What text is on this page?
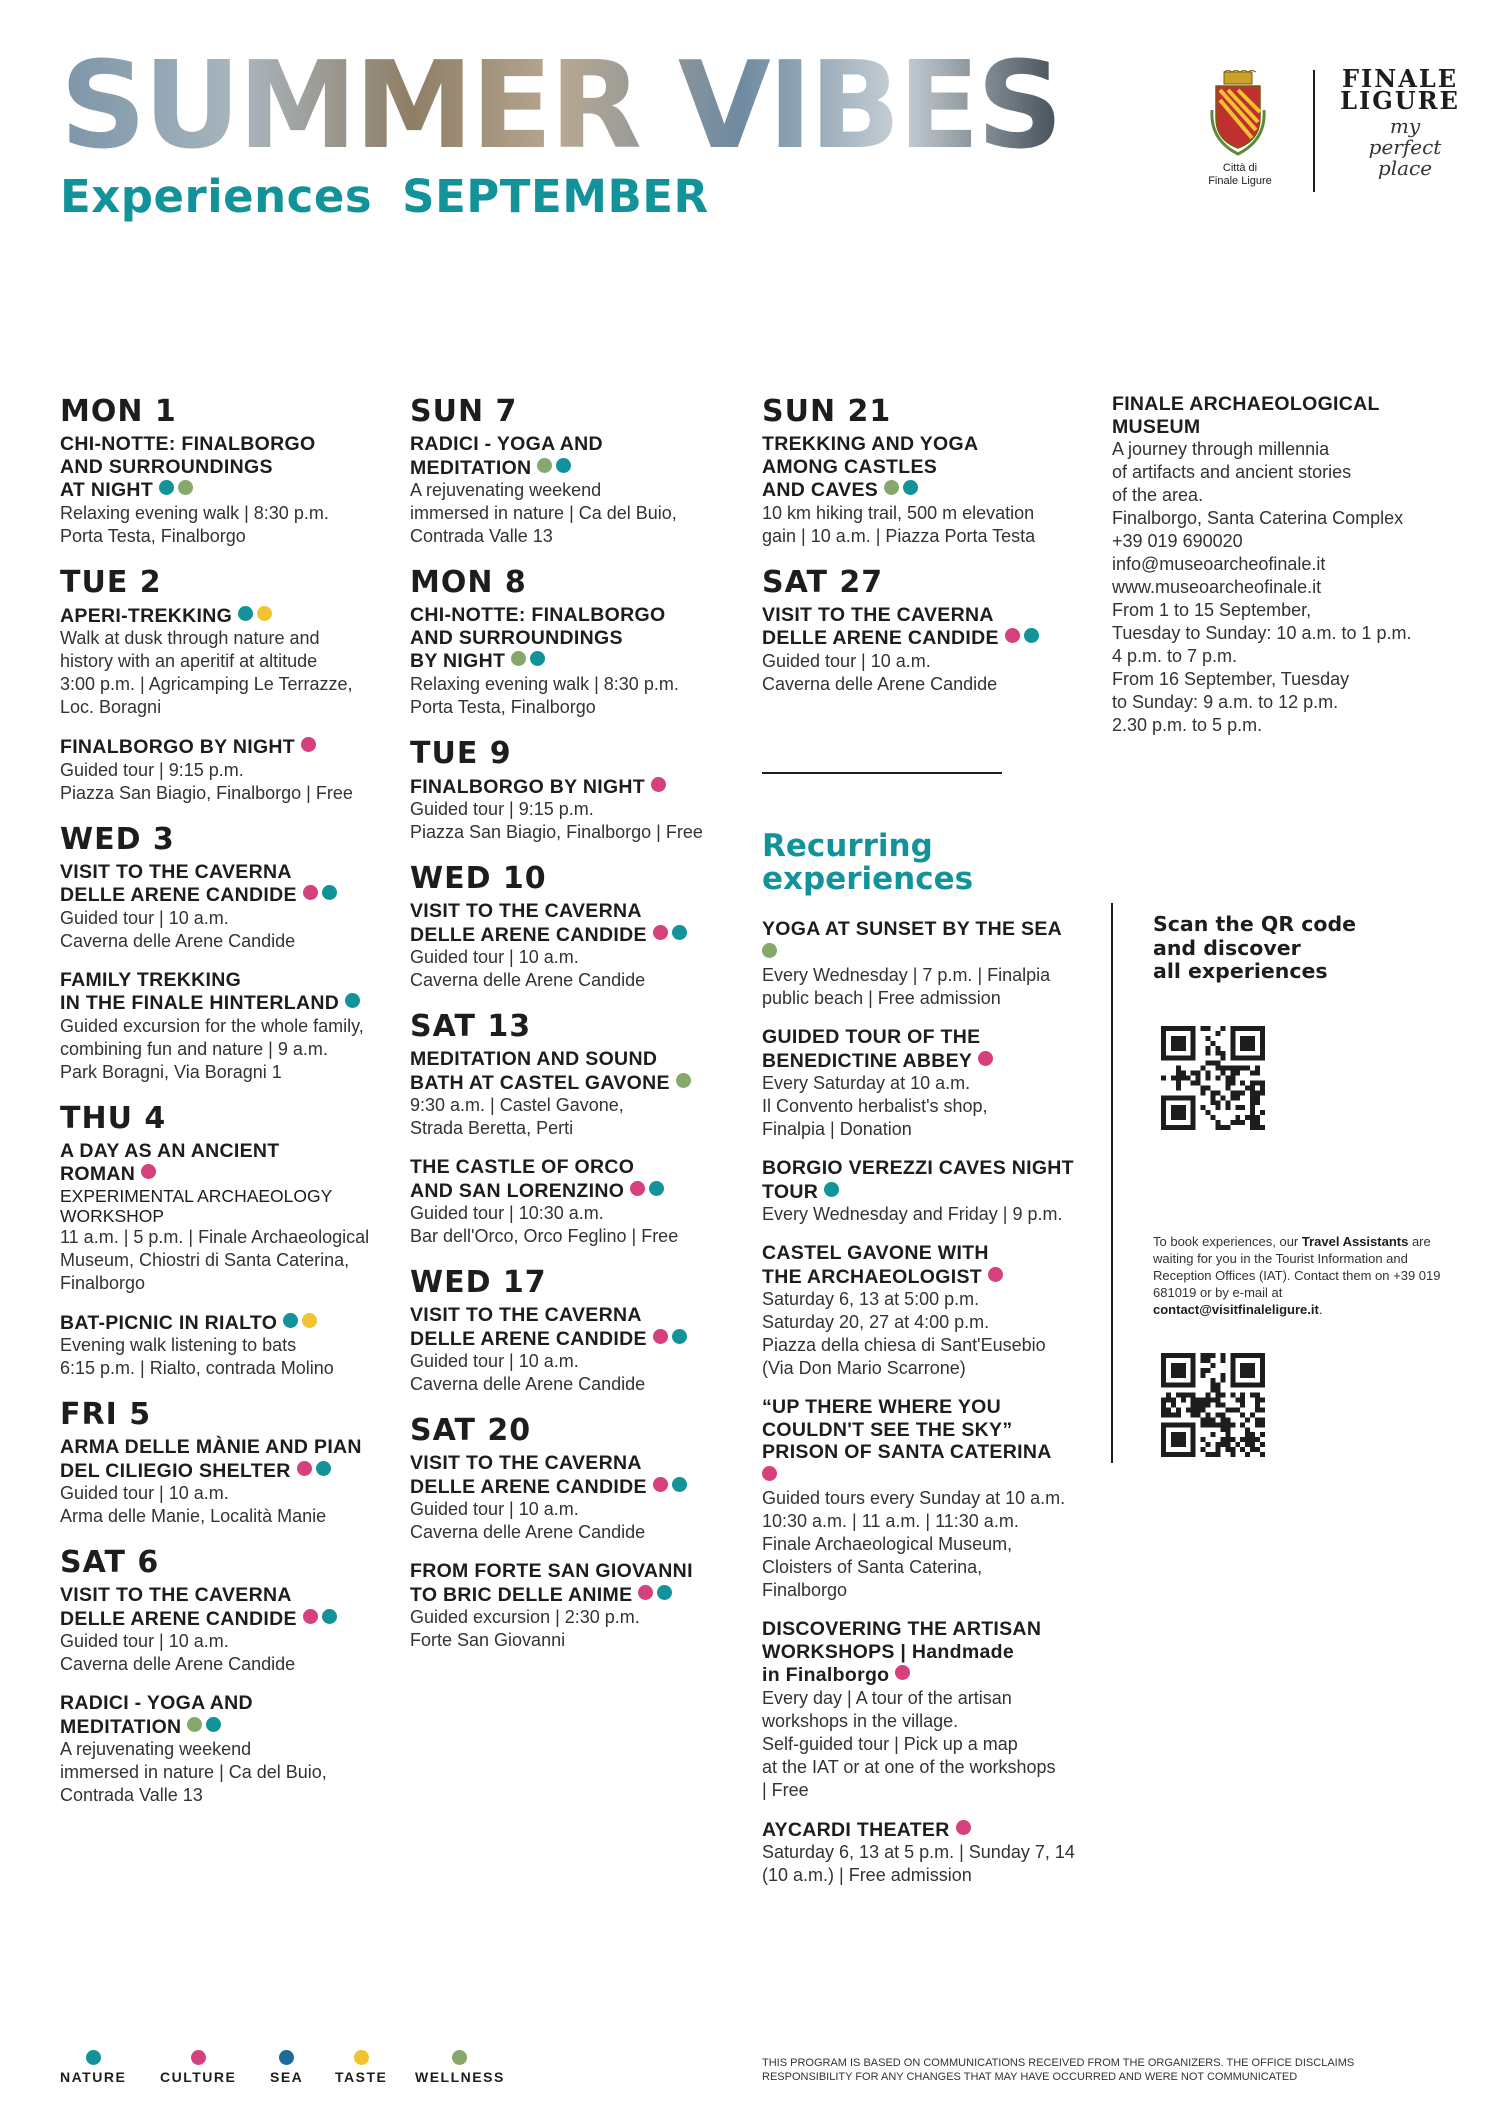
SUMMER VIBES
Experiences SEPTEMBER
Città di
Finale Ligure
FINALE
LIGURE
my
perfect
place
MON 1
CHI-NOTTE: FINALBORGO
AND SURROUNDINGS
AT NIGHT
Relaxing evening walk | 8:30 p.m.
Porta Testa, Finalborgo
TUE 2
APERI-TREKKING
Walk at dusk through nature and
history with an aperitif at altitude
3:00 p.m. | Agricamping Le Terrazze,
Loc. Boragni
FINALBORGO BY NIGHT
Guided tour | 9:15 p.m.
Piazza San Biagio, Finalborgo | Free
WED 3
VISIT TO THE CAVERNA
DELLE ARENE CANDIDE
Guided tour | 10 a.m.
Caverna delle Arene Candide
FAMILY TREKKING
IN THE FINALE HINTERLAND
Guided excursion for the whole family,
combining fun and nature | 9 a.m.
Park Boragni, Via Boragni 1
THU 4
A DAY AS AN ANCIENT
ROMAN
EXPERIMENTAL ARCHAEOLOGY
WORKSHOP
11 a.m. | 5 p.m. | Finale Archaeological
Museum, Chiostri di Santa Caterina,
Finalborgo
BAT-PICNIC IN RIALTO
Evening walk listening to bats
6:15 p.m. | Rialto, contrada Molino
FRI 5
ARMA DELLE MÀNIE AND PIAN
DEL CILIEGIO SHELTER
Guided tour | 10 a.m.
Arma delle Manie, Località Manie
SAT 6
VISIT TO THE CAVERNA
DELLE ARENE CANDIDE
Guided tour | 10 a.m.
Caverna delle Arene Candide
RADICI - YOGA AND
MEDITATION
A rejuvenating weekend
immersed in nature | Ca del Buio,
Contrada Valle 13
SUN 7
RADICI - YOGA AND
MEDITATION
A rejuvenating weekend
immersed in nature | Ca del Buio,
Contrada Valle 13
MON 8
CHI-NOTTE: FINALBORGO
AND SURROUNDINGS
BY NIGHT
Relaxing evening walk | 8:30 p.m.
Porta Testa, Finalborgo
TUE 9
FINALBORGO BY NIGHT
Guided tour | 9:15 p.m.
Piazza San Biagio, Finalborgo | Free
WED 10
VISIT TO THE CAVERNA
DELLE ARENE CANDIDE
Guided tour | 10 a.m.
Caverna delle Arene Candide
SAT 13
MEDITATION AND SOUND
BATH AT CASTEL GAVONE
9:30 a.m. | Castel Gavone,
Strada Beretta, Perti
THE CASTLE OF ORCO
AND SAN LORENZINO
Guided tour | 10:30 a.m.
Bar dell'Orco, Orco Feglino | Free
WED 17
VISIT TO THE CAVERNA
DELLE ARENE CANDIDE
Guided tour | 10 a.m.
Caverna delle Arene Candide
SAT 20
VISIT TO THE CAVERNA
DELLE ARENE CANDIDE
Guided tour | 10 a.m.
Caverna delle Arene Candide
FROM FORTE SAN GIOVANNI
TO BRIC DELLE ANIME
Guided excursion | 2:30 p.m.
Forte San Giovanni
SUN 21
TREKKING AND YOGA
AMONG CASTLES
AND CAVES
10 km hiking trail, 500 m elevation
gain | 10 a.m. | Piazza Porta Testa
SAT 27
VISIT TO THE CAVERNA
DELLE ARENE CANDIDE
Guided tour | 10 a.m.
Caverna delle Arene Candide
Recurring
experiences
YOGA AT SUNSET BY THE SEA
Every Wednesday | 7 p.m. | Finalpia
public beach | Free admission
GUIDED TOUR OF THE
BENEDICTINE ABBEY
Every Saturday at 10 a.m.
Il Convento herbalist's shop,
Finalpia | Donation
BORGIO VEREZZI CAVES NIGHT
TOUR
Every Wednesday and Friday | 9 p.m.
CASTEL GAVONE WITH
THE ARCHAEOLOGIST
Saturday 6, 13 at 5:00 p.m.
Saturday 20, 27 at 4:00 p.m.
Piazza della chiesa di Sant'Eusebio
(Via Don Mario Scarrone)
“UP THERE WHERE YOU
COULDN'T SEE THE SKY”
PRISON OF SANTA CATERINA
Guided tours every Sunday at 10 a.m.
10:30 a.m. | 11 a.m. | 11:30 a.m.
Finale Archaeological Museum,
Cloisters of Santa Caterina,
Finalborgo
DISCOVERING THE ARTISAN
WORKSHOPS | Handmade
in Finalborgo
Every day | A tour of the artisan
workshops in the village.
Self-guided tour | Pick up a map
at the IAT or at one of the workshops
| Free
AYCARDI THEATER
Saturday 6, 13 at 5 p.m. | Sunday 7, 14
(10 a.m.) | Free admission
FINALE ARCHAEOLOGICAL
MUSEUM
A journey through millennia
of artifacts and ancient stories
of the area.
Finalborgo, Santa Caterina Complex
+39 019 690020
info@museoarcheofinale.it
www.museoarcheofinale.it
From 1 to 15 September,
Tuesday to Sunday: 10 a.m. to 1 p.m.
4 p.m. to 7 p.m.
From 16 September, Tuesday
to Sunday: 9 a.m. to 12 p.m.
2.30 p.m. to 5 p.m.
Scan the QR code
and discover
all experiences
To book experiences, our Travel Assistants are waiting for you in the Tourist Information and Reception Offices (IAT). Contact them on +39 019 681019 or by e-mail at contact@visitfinaleligure.it.
NATURE CULTURE SEA TASTE WELLNESS
THIS PROGRAM IS BASED ON COMMUNICATIONS RECEIVED FROM THE ORGANIZERS. THE OFFICE DISCLAIMS
RESPONSIBILITY FOR ANY CHANGES THAT MAY HAVE OCCURRED AND WERE NOT COMMUNICATED
